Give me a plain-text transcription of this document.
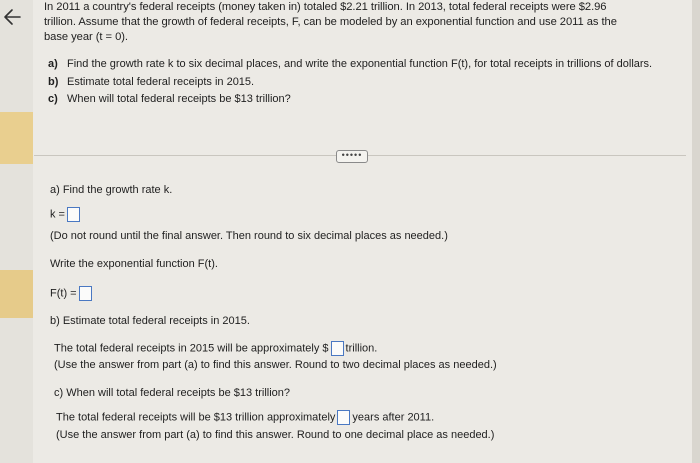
In 2011 a country's federal receipts (money taken in) totaled $2.21 trillion. In 2013, total federal receipts were $2.96
trillion. Assume that the growth of federal receipts, F, can be modeled by an exponential function and use 2011 as the
base year (t = 0).
a) Find the growth rate k to six decimal places, and write the exponential function F(t), for total receipts in trillions of dollars.
b) Estimate total federal receipts in 2015.
c) When will total federal receipts be $13 trillion?
•••••
a) Find the growth rate k.
k =
(Do not round until the final answer. Then round to six decimal places as needed.)
Write the exponential function F(t).
F(t) =
b) Estimate total federal receipts in 2015.
The total federal receipts in 2015 will be approximately $ trillion.
(Use the answer from part (a) to find this answer. Round to two decimal places as needed.)
c) When will total federal receipts be $13 trillion?
The total federal receipts will be $13 trillion approximately years after 2011.
(Use the answer from part (a) to find this answer. Round to one decimal place as needed.)
